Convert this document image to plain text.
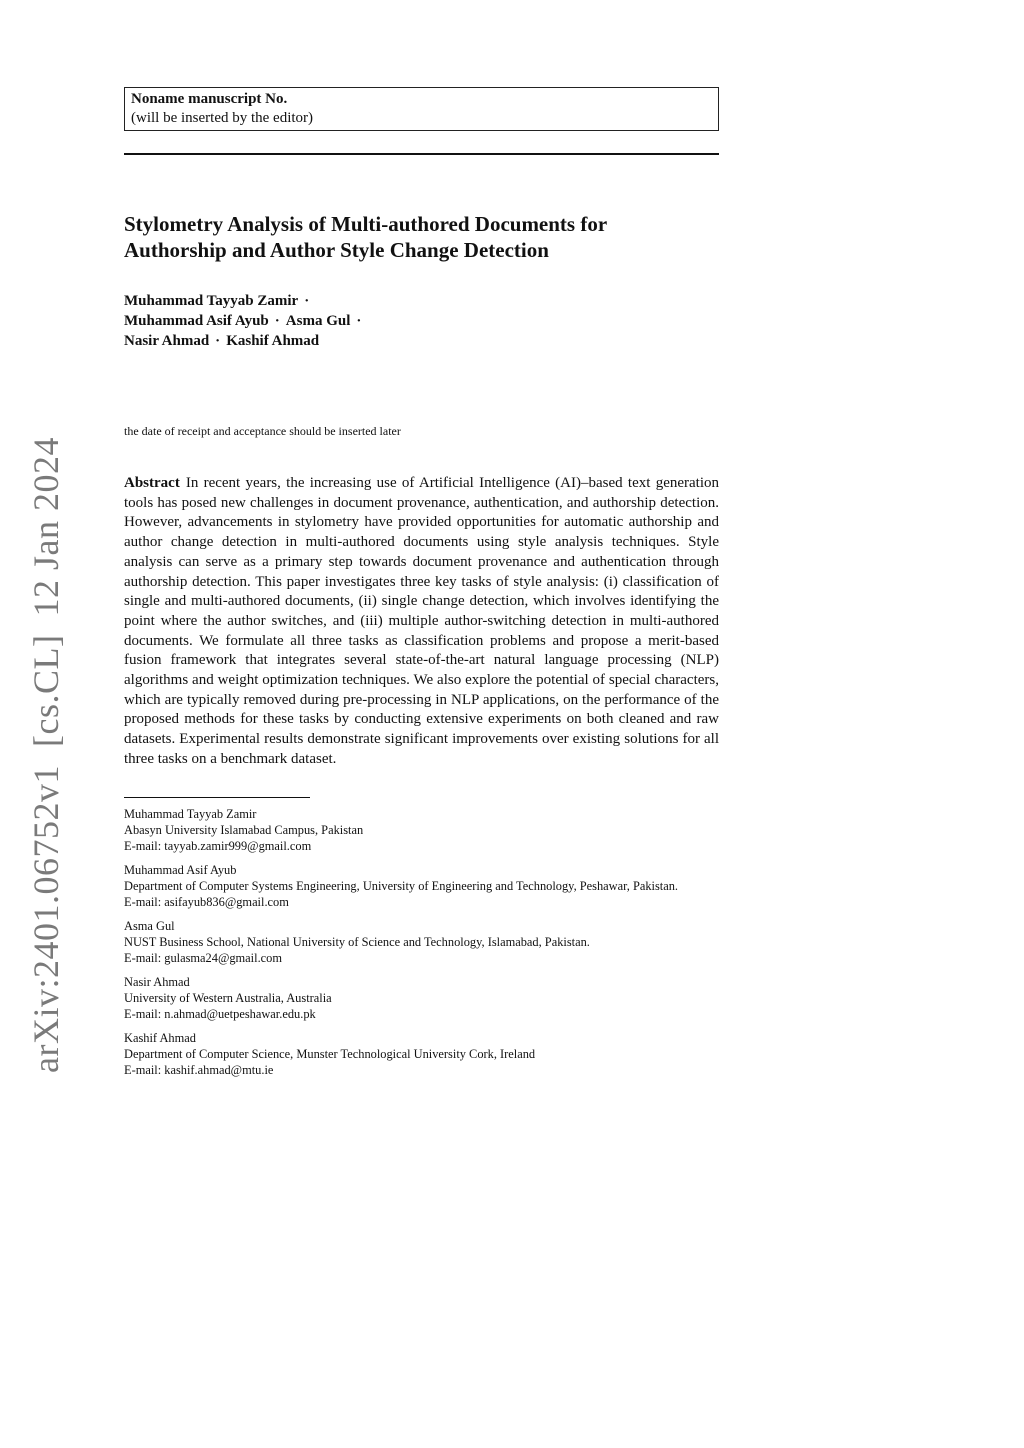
arXiv:2401.06752v1[cs.CL]12 Jan 2024
Noname manuscript No.
(will be inserted by the editor)
Stylometry Analysis of Multi-authored Documents for
Authorship and Author Style Change Detection
Muhammad Tayyab Zamir ·
Muhammad Asif Ayub · Asma Gul ·
Nasir Ahmad · Kashif Ahmad
the date of receipt and acceptance should be inserted later
Abstract In recent years, the increasing use of Artificial Intelligence (AI)–based text generation tools has posed new challenges in document provenance, authentication, and authorship detection. However, advancements in stylometry have provided opportunities for automatic authorship and author change detection in multi-authored documents using style analysis techniques. Style analysis can serve as a primary step towards document provenance and authentication through authorship detection. This paper investigates three key tasks of style analysis: (i) classification of single and multi-authored documents, (ii) single change detection, which involves identifying the point where the author switches, and (iii) multiple author-switching detection in multi-authored documents. We formulate all three tasks as classification problems and propose a merit-based fusion framework that integrates several state-of-the-art natural language processing (NLP) algorithms and weight optimization techniques. We also explore the potential of special characters, which are typically removed during pre-processing in NLP applications, on the performance of the proposed methods for these tasks by conducting extensive experiments on both cleaned and raw datasets. Experimental results demonstrate significant improvements over existing solutions for all three tasks on a benchmark dataset.
Muhammad Tayyab Zamir
Abasyn University Islamabad Campus, Pakistan
E-mail: tayyab.zamir999@gmail.com
Muhammad Asif Ayub
Department of Computer Systems Engineering, University of Engineering and Technology, Peshawar, Pakistan.
E-mail: asifayub836@gmail.com
Asma Gul
NUST Business School, National University of Science and Technology, Islamabad, Pakistan.
E-mail: gulasma24@gmail.com
Nasir Ahmad
University of Western Australia, Australia
E-mail: n.ahmad@uetpeshawar.edu.pk
Kashif Ahmad
Department of Computer Science, Munster Technological University Cork, Ireland
E-mail: kashif.ahmad@mtu.ie
